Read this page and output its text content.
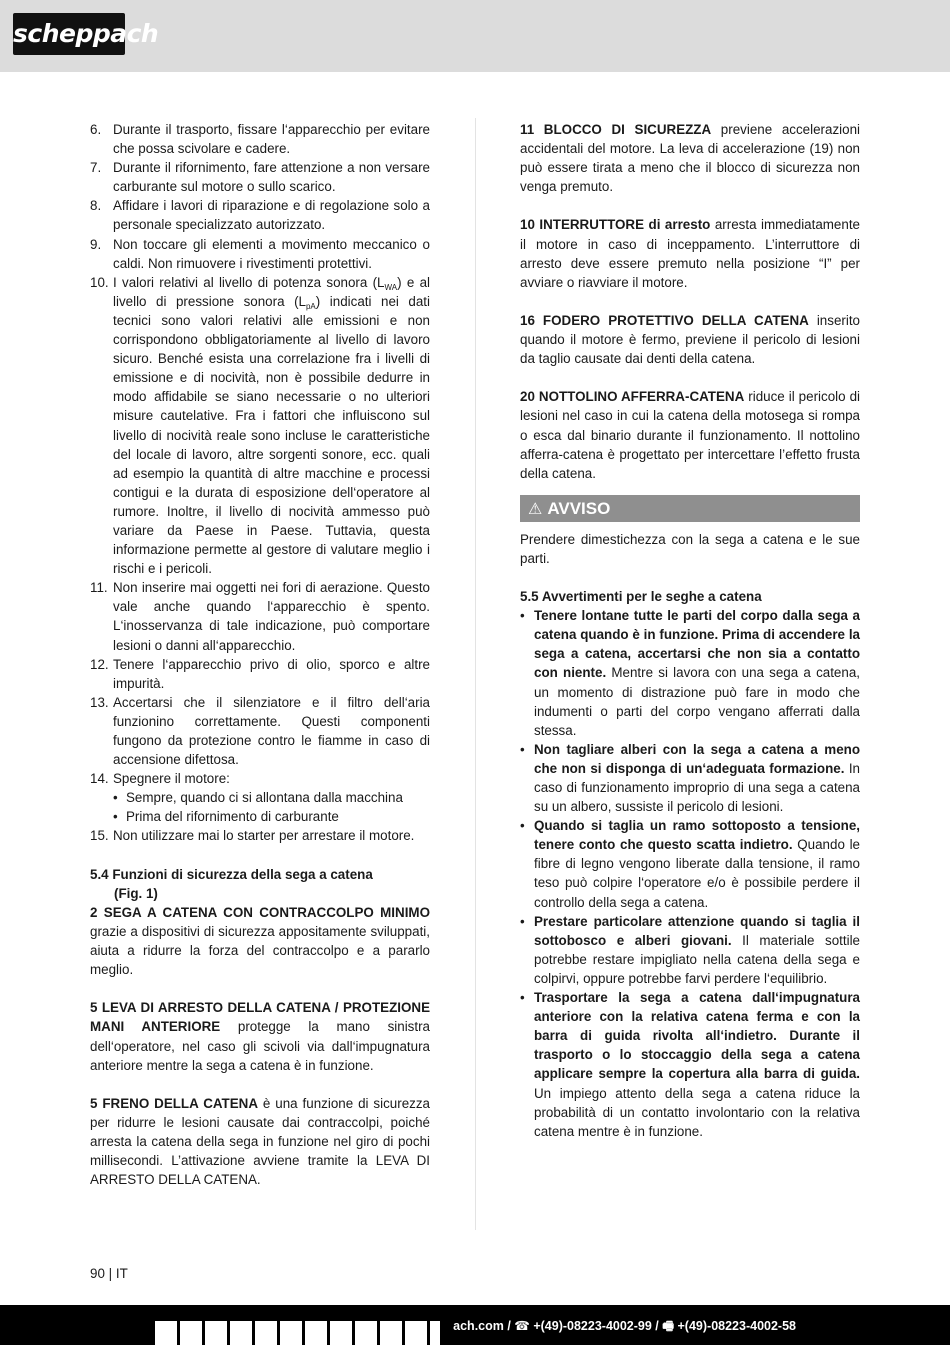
scheppach
6. Durante il trasporto, fissare l‘apparecchio per evitare che possa scivolare e cadere.
7. Durante il rifornimento, fare attenzione a non versare carburante sul motore o sullo scarico.
8. Affidare i lavori di riparazione e di regolazione solo a personale specializzato autorizzato.
9. Non toccare gli elementi a movimento meccanico o caldi. Non rimuovere i rivestimenti protettivi.
10. I valori relativi al livello di potenza sonora $(L_{WA})$ e al livello di pressione sonora $(L_{pA})$ indicati nei dati tecnici sono valori relativi alle emissioni e non corrispondono obbligatoriamente al livello di lavoro sicuro. Benché esista una correlazione fra i livelli di emissione e di nocività, non è possibile dedurre in modo affidabile se siano necessarie o no ulteriori misure cautelative. Fra i fattori che influiscono sul livello di nocività reale sono incluse le caratteristiche del locale di lavoro, altre sorgenti sonore, ecc. quali ad esempio la quantità di altre macchine e processi contigui e la durata di esposizione dell‘operatore al rumore. Inoltre, il livello di nocività ammesso può variare da Paese in Paese. Tuttavia, questa informazione permette al gestore di valutare meglio i rischi e i pericoli.
11. Non inserire mai oggetti nei fori di aerazione. Questo vale anche quando l‘apparecchio è spento. L‘inosservanza di tale indicazione, può comportare lesioni o danni all‘apparecchio.
12. Tenere l‘apparecchio privo di olio, sporco e altre impurità.
13. Accertarsi che il silenziatore e il filtro dell‘aria funzionino correttamente. Questi componenti fungono da protezione contro le fiamme in caso di accensione difettosa.
14. Spegnere il motore:
• Sempre, quando ci si allontana dalla macchina
• Prima del rifornimento di carburante
15. Non utilizzare mai lo starter per arrestare il motore.
5.4 Funzioni di sicurezza della sega a catena
(Fig. 1)
2 SEGA A CATENA CON CONTRACCOLPO MINIMO grazie a dispositivi di sicurezza appositamente sviluppati, aiuta a ridurre la forza del contraccolpo e a pararlo meglio.
5 LEVA DI ARRESTO DELLA CATENA / PROTEZIONE MANI ANTERIORE protegge la mano sinistra dell‘operatore, nel caso gli scivoli via dall‘impugnatura anteriore mentre la sega a catena è in funzione.
5 FRENO DELLA CATENA è una funzione di sicurezza per ridurre le lesioni causate dai contraccolpi, poiché arresta la catena della sega in funzione nel giro di pochi millisecondi. L’attivazione avviene tramite la LEVA DI ARRESTO DELLA CATENA.
11 BLOCCO DI SICUREZZA previene accelerazioni accidentali del motore. La leva di accelerazione (19) non può essere tirata a meno che il blocco di sicurezza non venga premuto.
10 INTERRUTTORE di arresto arresta immediatamente il motore in caso di inceppamento. L’interruttore di arresto deve essere premuto nella posizione “I” per avviare o riavviare il motore.
16 FODERO PROTETTIVO DELLA CATENA inserito quando il motore è fermo, previene il pericolo di lesioni da taglio causate dai denti della catena.
20 NOTTOLINO AFFERRA-CATENA riduce il pericolo di lesioni nel caso in cui la catena della motosega si rompa o esca dal binario durante il funzionamento. Il nottolino afferra-catena è progettato per intercettare l’effetto frusta della catena.
⚠ AVVISO
Prendere dimestichezza con la sega a catena e le sue parti.
5.5 Avvertimenti per le seghe a catena
• Tenere lontane tutte le parti del corpo dalla sega a catena quando è in funzione. Prima di accendere la sega a catena, accertarsi che non sia a contatto con niente. Mentre si lavora con una sega a catena, un momento di distrazione può fare in modo che indumenti o parti del corpo vengano afferrati dalla stessa.
• Non tagliare alberi con la sega a catena a meno che non si disponga di un‘adeguata formazione. In caso di funzionamento improprio di una sega a catena su un albero, sussiste il pericolo di lesioni.
• Quando si taglia un ramo sottoposto a tensione, tenere conto che questo scatta indietro. Quando le fibre di legno vengono liberate dalla tensione, il ramo teso può colpire l‘operatore e/o è possibile perdere il controllo della sega a catena.
• Prestare particolare attenzione quando si taglia il sottobosco e alberi giovani. Il materiale sottile potrebbe restare impigliato nella catena della sega e colpirvi, oppure potrebbe farvi perdere l‘equilibrio.
• Trasportare la sega a catena dall‘impugnatura anteriore con la relativa catena ferma e con la barra di guida rivolta all‘indietro. Durante il trasporto o lo stoccaggio della sega a catena applicare sempre la copertura alla barra di guida. Un impiego attento della sega a catena riduce la probabilità di un contatto involontario con la relativa catena mentre è in funzione.
90 | IT
ach.com / ☎ +(49)-08223-4002-99 / 🖷 +(49)-08223-4002-58
